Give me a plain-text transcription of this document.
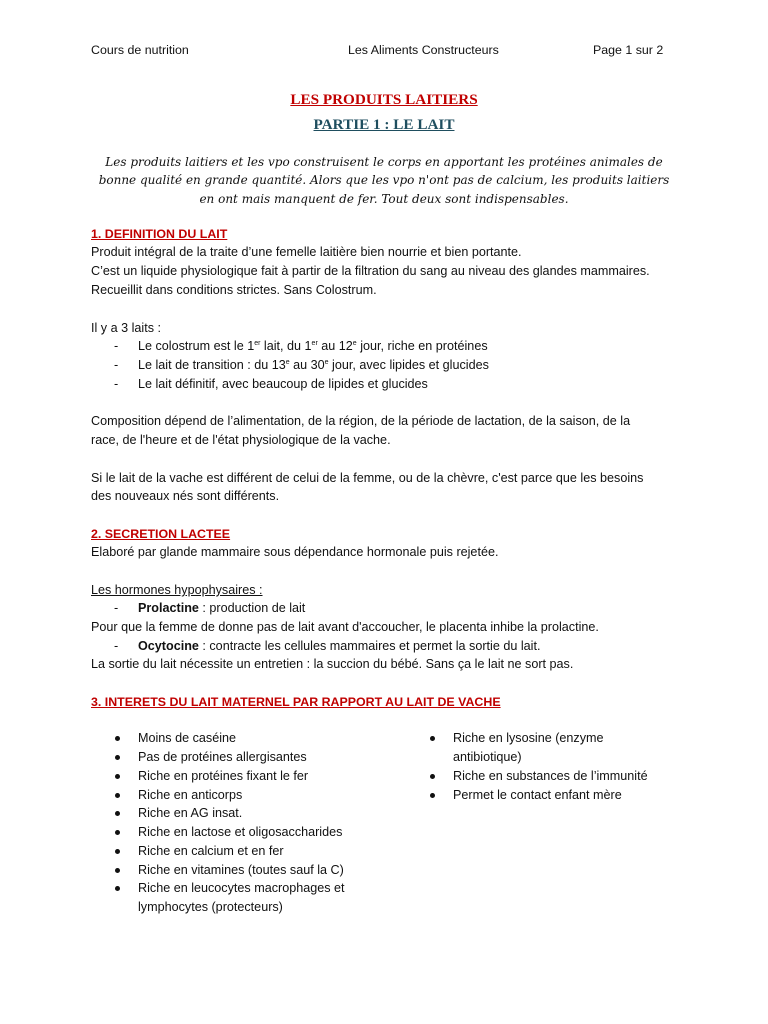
Cours de nutrition	Les Aliments Constructeurs	Page 1 sur 2
LES PRODUITS LAITIERS
PARTIE 1 : LE LAIT
Les produits laitiers et les vpo construisent le corps en apportant les protéines animales de bonne qualité en grande quantité. Alors que les vpo n'ont pas de calcium, les produits laitiers en ont mais manquent de fer. Tout deux sont indispensables.
1. DEFINITION DU LAIT
Produit intégral de la traite d’une femelle laitière bien nourrie et bien portante.
C’est un liquide physiologique fait à partir de la filtration du sang au niveau des glandes mammaires.
Recueillit dans conditions strictes. Sans Colostrum.
Il y a 3 laits :
- Le colostrum est le 1er lait, du 1er au 12e jour, riche en protéines
- Le lait de transition : du 13e au 30e jour, avec lipides et glucides
- Le lait définitif, avec beaucoup de lipides et glucides
Composition dépend de l’alimentation, de la région, de la période de lactation, de la saison, de la
race, de l'heure et de l'état physiologique de la vache.
Si le lait de la vache est différent de celui de la femme, ou de la chèvre, c'est parce que les besoins
des nouveaux nés sont différents.
2. SECRETION LACTEE
Elaboré par glande mammaire sous dépendance hormonale puis rejetée.
Les hormones hypophysaires :
- Prolactine : production de lait
Pour que la femme de donne pas de lait avant d'accoucher, le placenta inhibe la prolactine.
- Ocytocine : contracte les cellules mammaires et permet la sortie du lait.
La sortie du lait nécessite un entretien : la succion du bébé. Sans ça le lait ne sort pas.
3. INTERETS DU LAIT MATERNEL PAR RAPPORT AU LAIT DE VACHE
Moins de caséine
Pas de protéines allergisantes
Riche en protéines fixant le fer
Riche en anticorps
Riche en AG insat.
Riche en lactose et oligosaccharides
Riche en calcium et en fer
Riche en vitamines (toutes sauf la C)
Riche en leucocytes macrophages et
lymphocytes (protecteurs)
Riche en lysosine (enzyme
antibiotique)
Riche en substances de l’immunité
Permet le contact enfant mère
